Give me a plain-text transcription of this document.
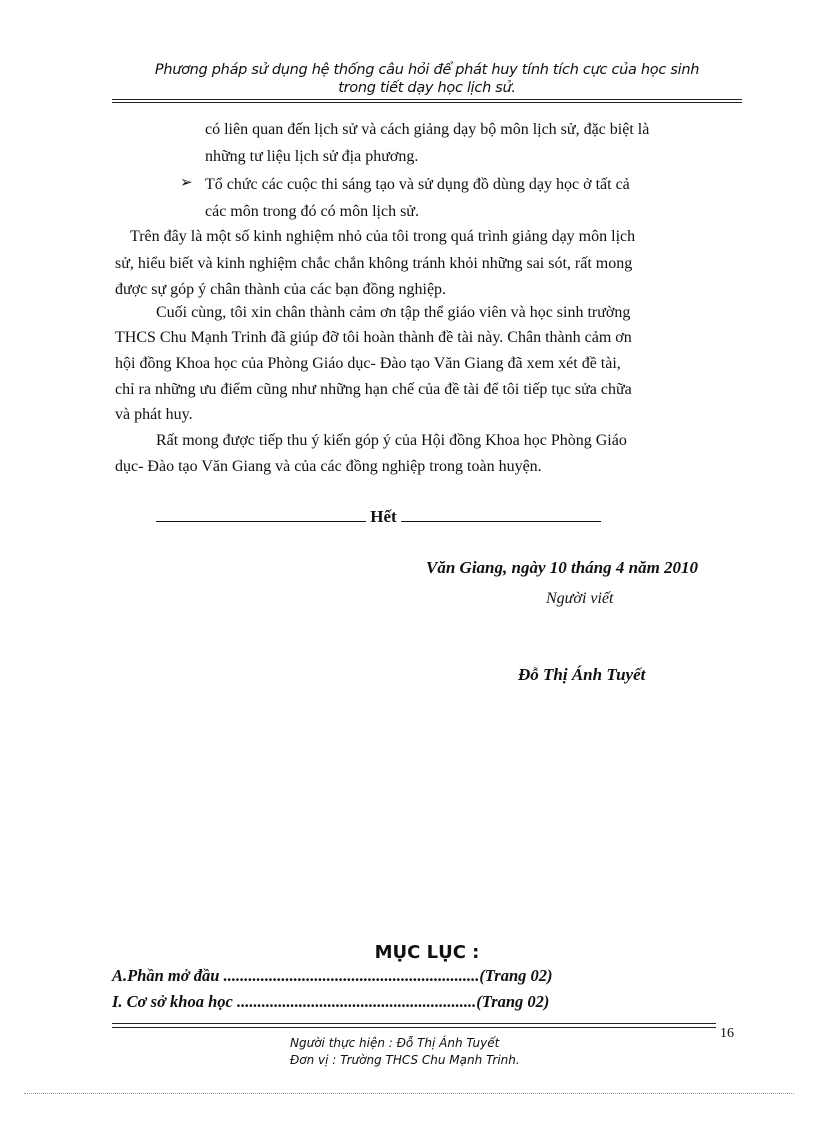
Phương pháp sử dụng hệ thống câu hỏi để phát huy tính tích cực của học sinh
trong tiết dạy học lịch sử.
có liên quan đến lịch sử và cách giảng dạy bộ môn lịch sử, đặc biệt là
những tư liệu lịch sử địa phương.
➢ Tổ chức các cuộc thi sáng tạo và sử dụng đồ dùng dạy học ở tất cả
các môn trong đó có môn lịch sử.
Trên đây là một số kinh nghiệm nhỏ của tôi trong quá trình giảng dạy môn lịch
sử, hiểu biết và kinh nghiệm chắc chắn không tránh khỏi những sai sót, rất mong
được sự góp ý chân thành của các bạn đồng nghiệp.
Cuối cùng, tôi xin chân thành cảm ơn tập thể giáo viên và học sinh trường
THCS Chu Mạnh Trinh đã giúp đỡ tôi hoàn thành đề tài này. Chân thành cảm ơn
hội đồng Khoa học của Phòng Giáo dục- Đào tạo Văn Giang đã xem xét đề tài,
chỉ ra những ưu điểm cũng như những hạn chế của đề tài để tôi tiếp tục sửa chữa
và phát huy.
Rất mong được tiếp thu ý kiến góp ý của Hội đồng Khoa học Phòng Giáo
dục- Đào tạo Văn Giang và của các đồng nghiệp trong toàn huyện.
Hết
Văn Giang, ngày 10 tháng 4 năm 2010
Người viết
Đỗ Thị Ánh Tuyết
MỤC LỤC :
A.Phần mở đầu ..............................................................(Trang 02)
I. Cơ sở khoa học ..........................................................(Trang 02)
16
Người thực hiện : Đỗ Thị Ánh Tuyết
Đơn vị : Trường THCS Chu Mạnh Trinh.
